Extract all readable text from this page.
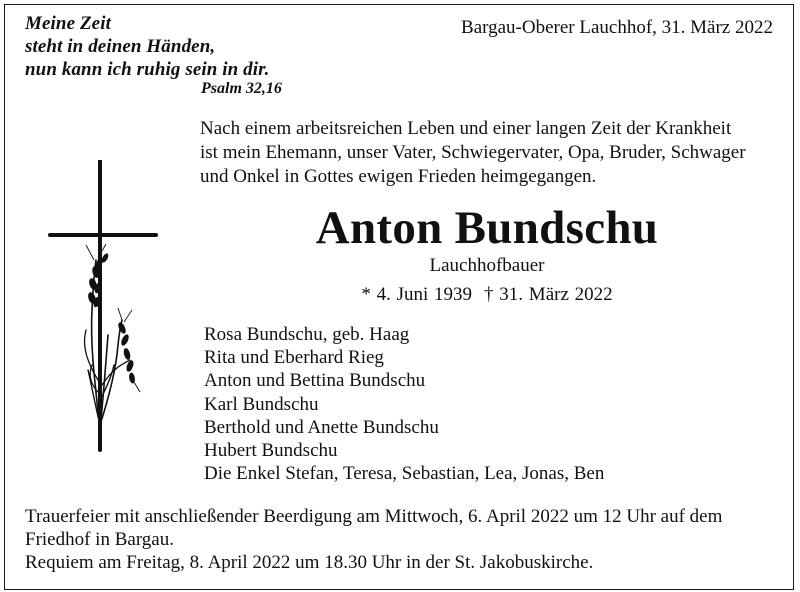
Meine Zeit
steht in deinen Händen,
nun kann ich ruhig sein in dir.
Psalm 32,16
Bargau-Oberer Lauchhof, 31. März 2022
Nach einem arbeitsreichen Leben und einer langen Zeit der Krankheit
ist mein Ehemann, unser Vater, Schwiegervater, Opa, Bruder, Schwager
und Onkel in Gottes ewigen Frieden heimgegangen.
Anton Bundschu
Lauchhofbauer
* 4. Juni 1939 † 31. März 2022
Rosa Bundschu, geb. Haag
Rita und Eberhard Rieg
Anton und Bettina Bundschu
Karl Bundschu
Berthold und Anette Bundschu
Hubert Bundschu
Die Enkel Stefan, Teresa, Sebastian, Lea, Jonas, Ben
Trauerfeier mit anschließender Beerdigung am Mittwoch, 6. April 2022 um 12 Uhr auf dem
Friedhof in Bargau.
Requiem am Freitag, 8. April 2022 um 18.30 Uhr in der St. Jakobuskirche.
